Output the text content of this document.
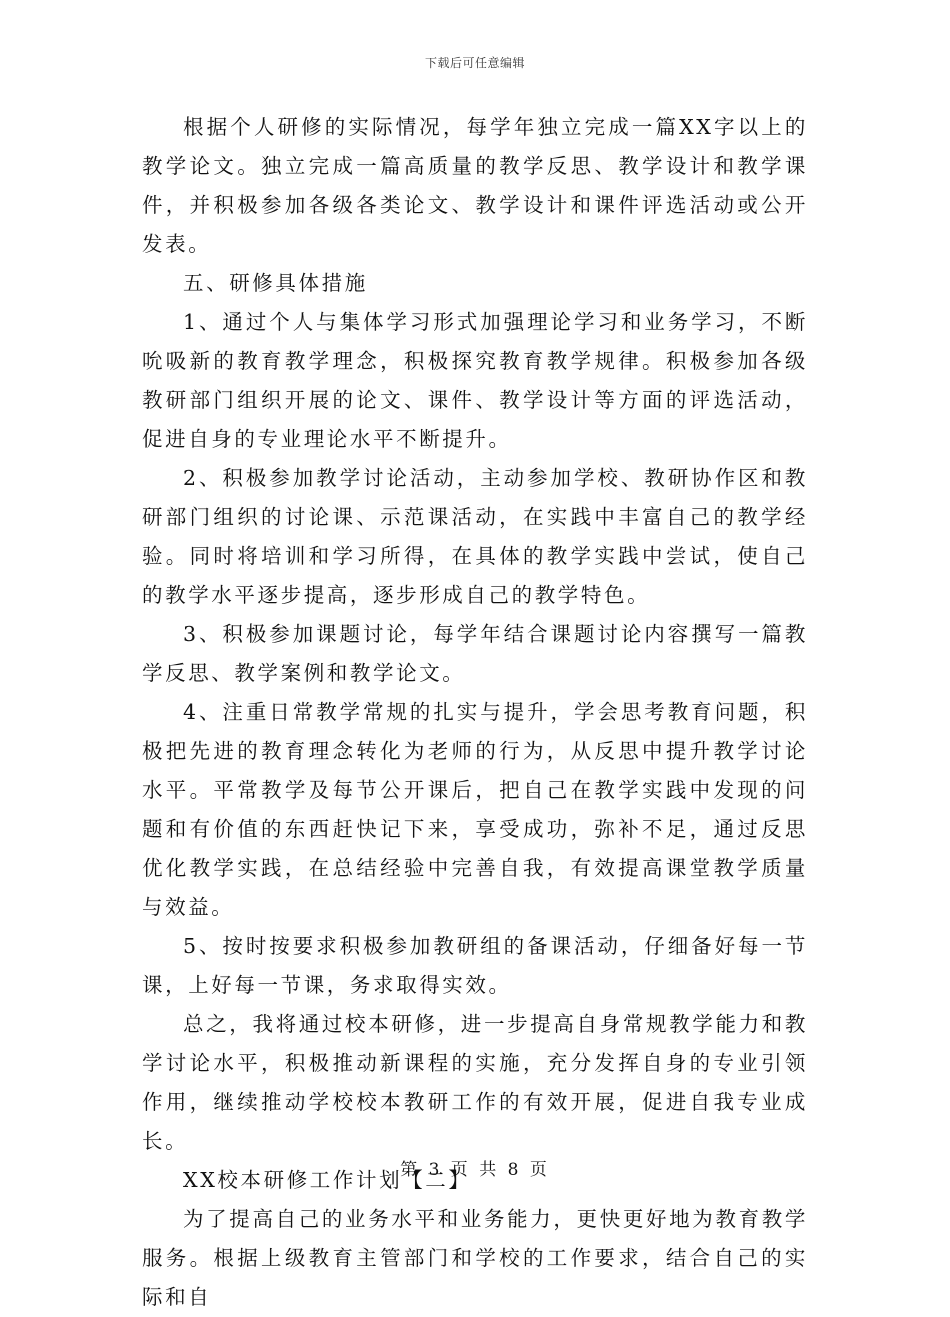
下载后可任意编辑

根据个人研修的实际情况，每学年独立完成一篇XX字以上的教学论文。独立完成一篇高质量的教学反思、教学设计和教学课件，并积极参加各级各类论文、教学设计和课件评选活动或公开发表。

五、研修具体措施

1、通过个人与集体学习形式加强理论学习和业务学习，不断吮吸新的教育教学理念，积极探究教育教学规律。积极参加各级教研部门组织开展的论文、课件、教学设计等方面的评选活动，促进自身的专业理论水平不断提升。

2、积极参加教学讨论活动，主动参加学校、教研协作区和教研部门组织的讨论课、示范课活动，在实践中丰富自己的教学经验。同时将培训和学习所得，在具体的教学实践中尝试，使自己的教学水平逐步提高，逐步形成自己的教学特色。

3、积极参加课题讨论，每学年结合课题讨论内容撰写一篇教学反思、教学案例和教学论文。

4、注重日常教学常规的扎实与提升，学会思考教育问题，积极把先进的教育理念转化为老师的行为，从反思中提升教学讨论水平。平常教学及每节公开课后，把自己在教学实践中发现的问题和有价值的东西赶快记下来，享受成功，弥补不足，通过反思优化教学实践，在总结经验中完善自我，有效提高课堂教学质量与效益。

5、按时按要求积极参加教研组的备课活动，仔细备好每一节课，上好每一节课，务求取得实效。

总之，我将通过校本研修，进一步提高自身常规教学能力和教学讨论水平，积极推动新课程的实施，充分发挥自身的专业引领作用，继续推动学校校本教研工作的有效开展，促进自我专业成长。

XX校本研修工作计划【二】

为了提高自己的业务水平和业务能力，更快更好地为教育教学服务。根据上级教育主管部门和学校的工作要求，结合自己的实际和自

第 3 页 共 8 页
